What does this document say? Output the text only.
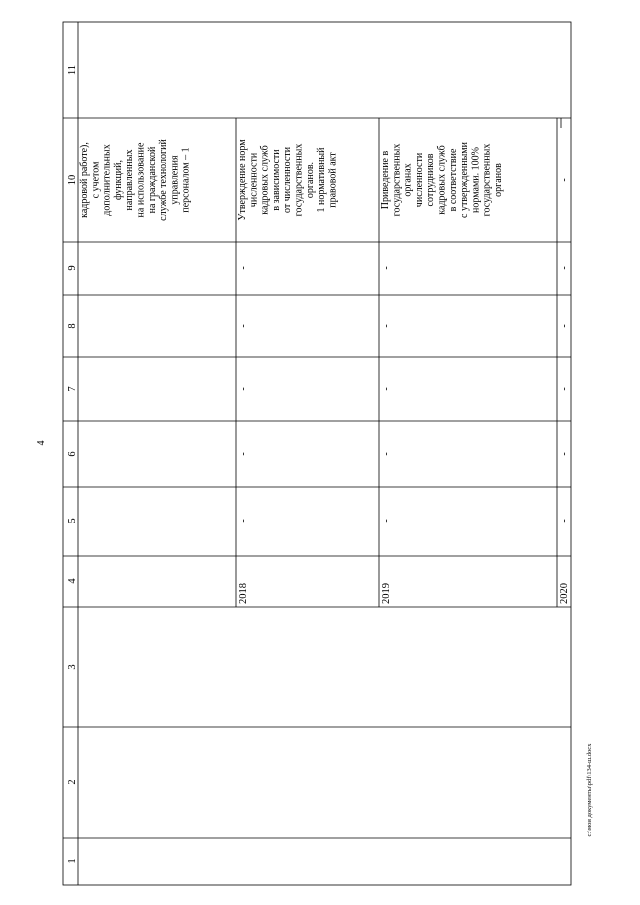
4
c:\мои документы\pdf\134-ш.docx
11
10
9
8
7
6
5
4
3
2
1
кадровой работе), с учетом дополнительных функций, направленных на использование на гражданской службе технологий управления персоналом – 1	Утверждение норм численности кадровых служб в зависимости от численности государственных органов. 1 нормативный правовой акт
-
-
-
-
-
2018
Приведение в государственных органах численности сотрудников кадровых служб в соответствие с утвержденными нормами. 100% государственных органов
-
-
-
-
-
2019
-
-
-
-
-
-
2020
